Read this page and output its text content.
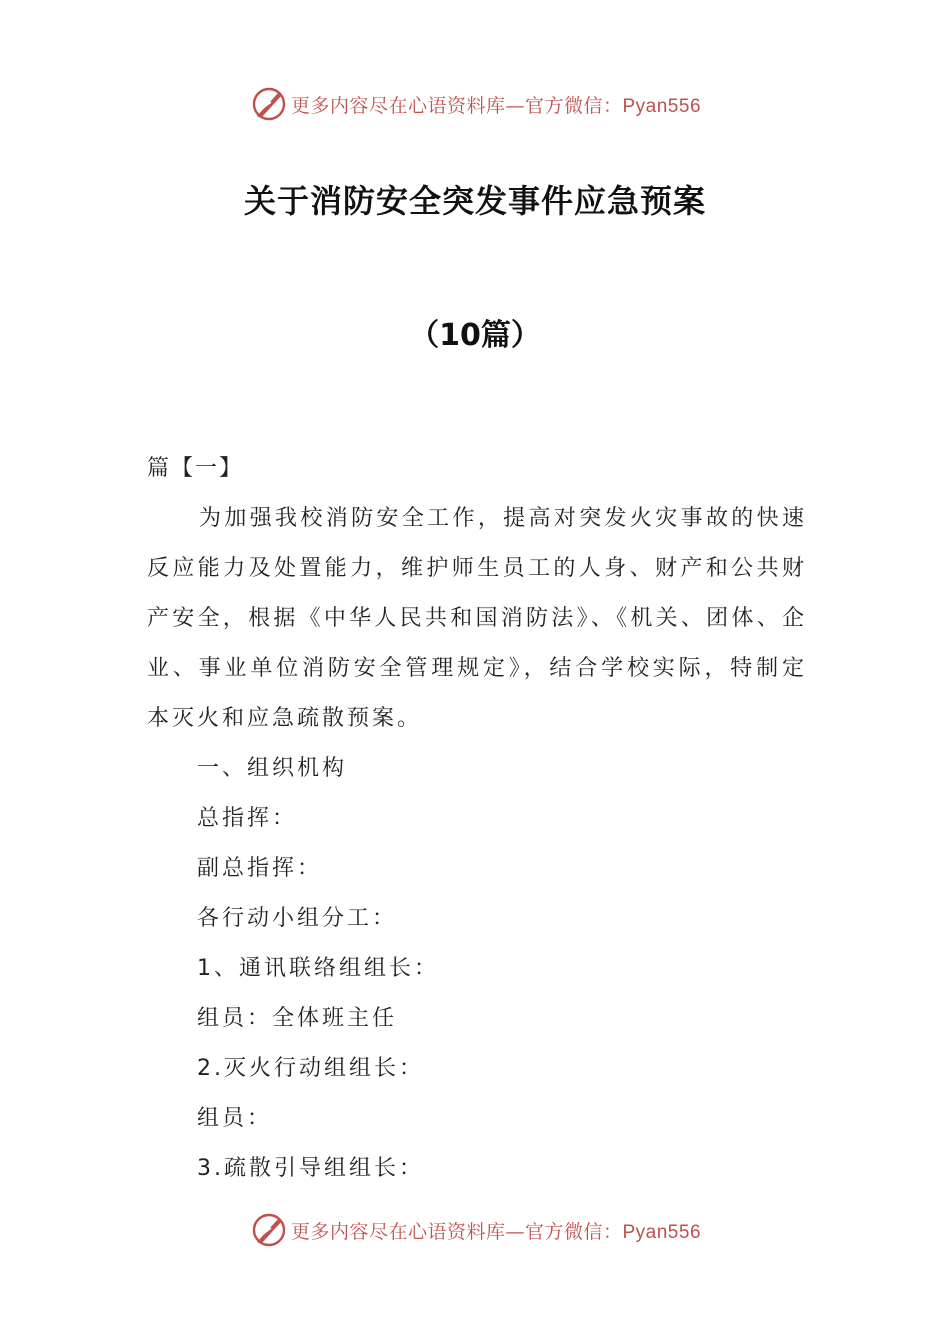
更多内容尽在心语资料库—官方微信：Pyan556
关于消防安全突发事件应急预案
（10篇）

篇【一】

为加强我校消防安全工作，提高对突发火灾事故的快速反应能力及处置能力，维护师生员工的人身、财产和公共财产安全，根据《中华人民共和国消防法》、《机关、团体、企业、事业单位消防安全管理规定》，结合学校实际，特制定本灭火和应急疏散预案。

一、组织机构

总指挥：

副总指挥：

各行动小组分工：

1、通讯联络组组长：

组员：全体班主任

2.灭火行动组组长：

组员：

3.疏散引导组组长：

更多内容尽在心语资料库—官方微信：Pyan556
